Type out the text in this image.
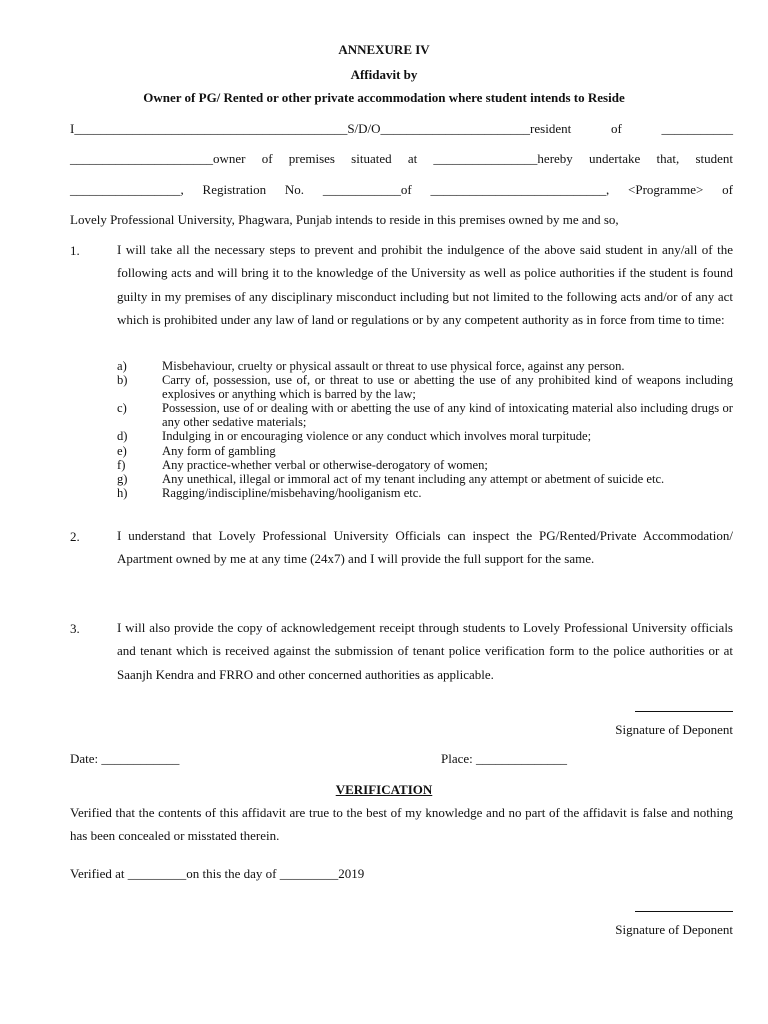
ANNEXURE IV
Affidavit by
Owner of PG/ Rented or other private accommodation where student intends to Reside
I__________________________________________S/D/O_______________________resident of ___________
______________________owner of premises situated at ________________hereby undertake that, student
_________________, Registration No. ____________of ___________________________, <Programme> of
Lovely Professional University, Phagwara, Punjab intends to reside in this premises owned by me and so,
1.	I will take all the necessary steps to prevent and prohibit the indulgence of the above said student in any/all of the following acts and will bring it to the knowledge of the University as well as police authorities if the student is found guilty in my premises of any disciplinary misconduct including but not limited to the following acts and/or of any act which is prohibited under any law of land or regulations or by any competent authority as in force from time to time:
a)	Misbehaviour, cruelty or physical assault or threat to use physical force, against any person.
b)	Carry of, possession, use of, or threat to use or abetting the use of any prohibited kind of weapons including explosives or anything which is barred by the law;
c)	Possession, use of or dealing with or abetting the use of any kind of intoxicating material also including drugs or any other sedative materials;
d)	Indulging in or encouraging violence or any conduct which involves moral turpitude;
e)	Any form of gambling
f)	Any practice-whether verbal or otherwise-derogatory of women;
g)	Any unethical, illegal or immoral act of my tenant including any attempt or abetment of suicide etc.
h)	Ragging/indiscipline/misbehaving/hooliganism etc.
2.	I understand that Lovely Professional University Officials can inspect the PG/Rented/Private Accommodation/ Apartment owned by me at any time (24x7) and I will provide the full support for the same.
3.	I will also provide the copy of acknowledgement receipt through students to Lovely Professional University officials and tenant which is received against the submission of tenant police verification form to the police authorities or at Saanjh Kendra and FRRO and other concerned authorities as applicable.

Signature of Deponent
Date: ____________	Place: ______________
VERIFICATION
Verified that the contents of this affidavit are true to the best of my knowledge and no part of the affidavit is false and nothing has been concealed or misstated therein.
Verified at _________on this the day of _________2019

Signature of Deponent
